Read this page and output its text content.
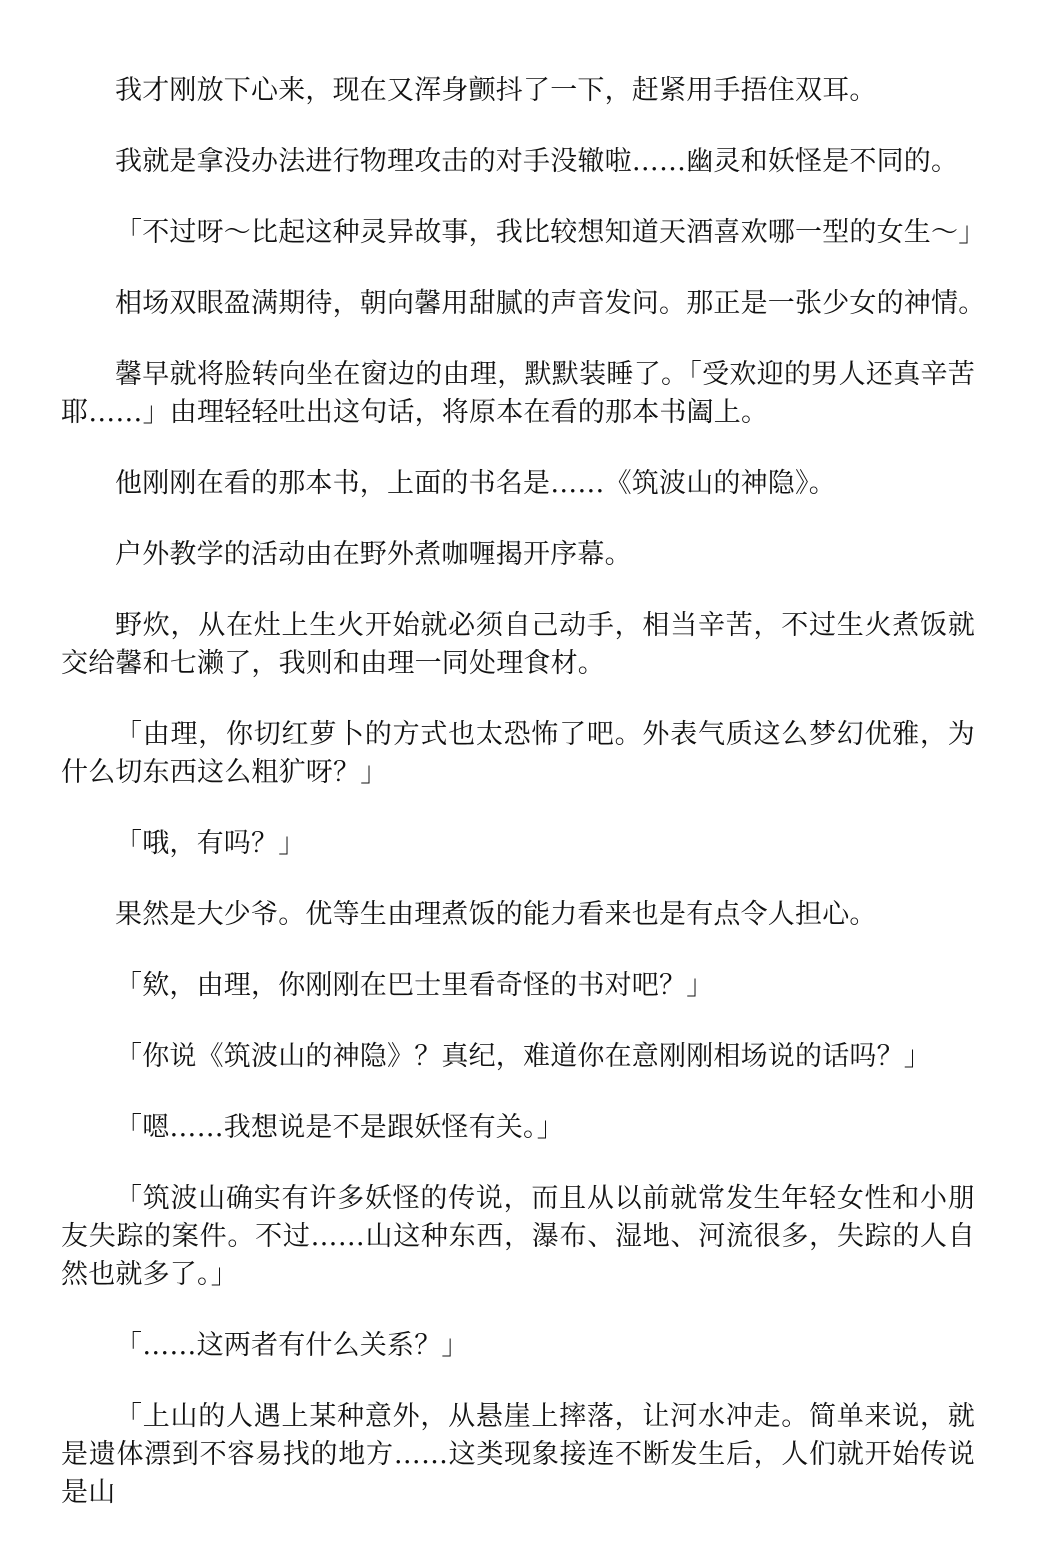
我才刚放下心来，现在又浑身颤抖了一下，赶紧用手捂住双耳。

我就是拿没办法进行物理攻击的对手没辙啦……幽灵和妖怪是不同的。

「不过呀～比起这种灵异故事，我比较想知道天酒喜欢哪一型的女生～」

相场双眼盈满期待，朝向馨用甜腻的声音发问。那正是一张少女的神情。

馨早就将脸转向坐在窗边的由理，默默装睡了。「受欢迎的男人还真辛苦耶……」由理轻轻吐出这句话，将原本在看的那本书阖上。

他刚刚在看的那本书，上面的书名是……《筑波山的神隐》。

户外教学的活动由在野外煮咖喱揭开序幕。

野炊，从在灶上生火开始就必须自己动手，相当辛苦，不过生火煮饭就交给馨和七濑了，我则和由理一同处理食材。

「由理，你切红萝卜的方式也太恐怖了吧。外表气质这么梦幻优雅，为什么切东西这么粗犷呀？」

「哦，有吗？」

果然是大少爷。优等生由理煮饭的能力看来也是有点令人担心。

「欸，由理，你刚刚在巴士里看奇怪的书对吧？」

「你说《筑波山的神隐》？真纪，难道你在意刚刚相场说的话吗？」

「嗯……我想说是不是跟妖怪有关。」

「筑波山确实有许多妖怪的传说，而且从以前就常发生年轻女性和小朋友失踪的案件。不过……山这种东西，瀑布、湿地、河流很多，失踪的人自然也就多了。」

「……这两者有什么关系？」

「上山的人遇上某种意外，从悬崖上摔落，让河水冲走。简单来说，就是遗体漂到不容易找的地方……这类现象接连不断发生后，人们就开始传说是山
